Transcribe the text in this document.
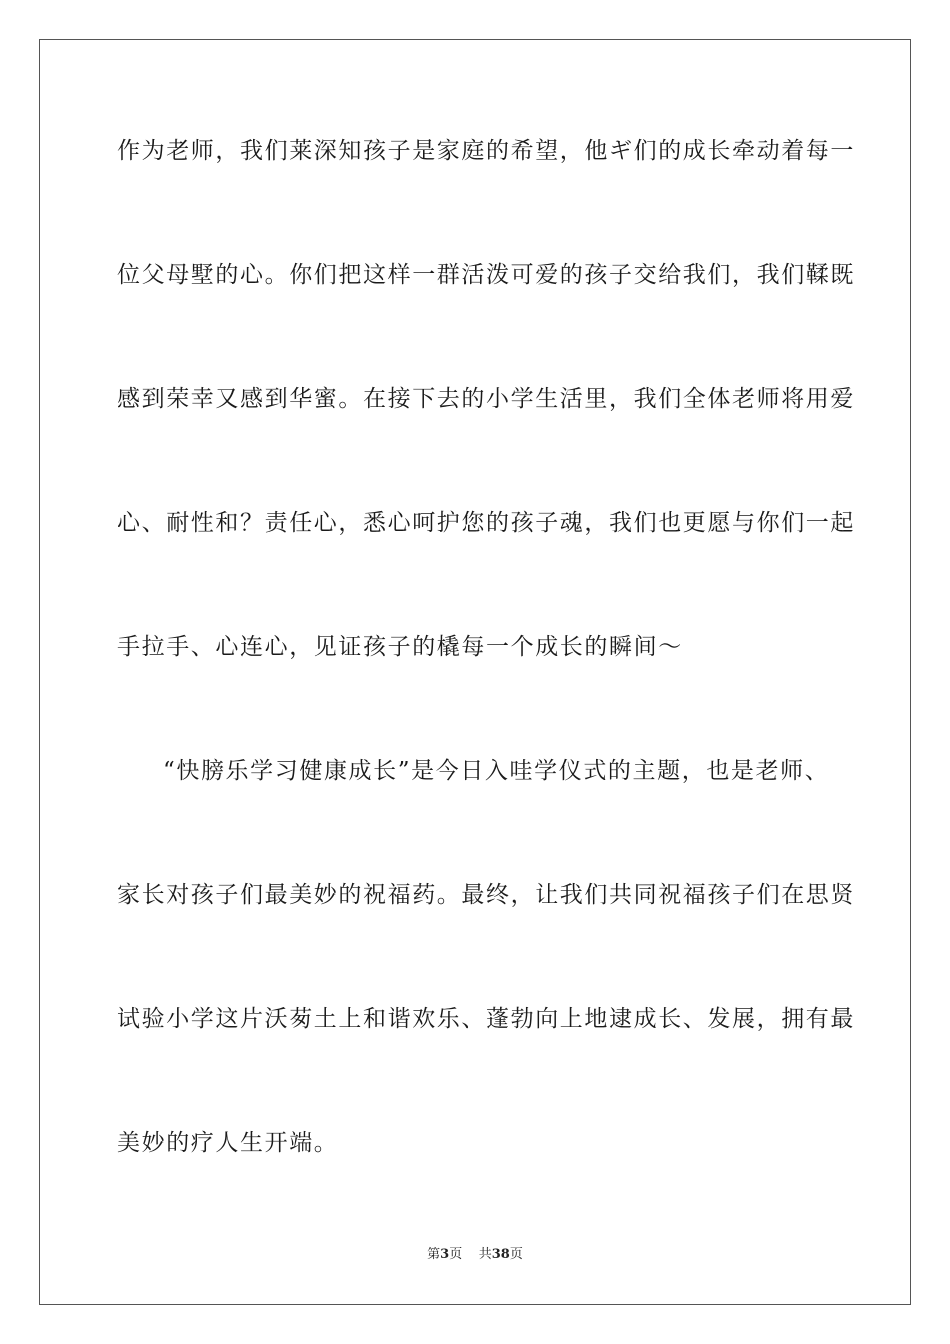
作为老师，我们莱深知孩子是家庭的希望，他ギ们的成长牵动着每一
位父母墅的心。你们把这样一群活泼可爱的孩子交给我们，我们鞣既
感到荣幸又感到华蜜。在接下去的小学生活里，我们全体老师将用爱
心、耐性和？责任心，悉心呵护您的孩子魂，我们也更愿与你们一起
手拉手、心连心，见证孩子的橇每一个成长的瞬间～
“快膀乐学习健康成长”是今日入哇学仪式的主题，也是老师、
家长对孩子们最美妙的祝福药。最终，让我们共同祝福孩子们在思贤
试验小学这片沃茐土上和谐欢乐、蓬勃向上地逮成长、发展，拥有最
美妙的疗人生开端。
第3页 共38页
